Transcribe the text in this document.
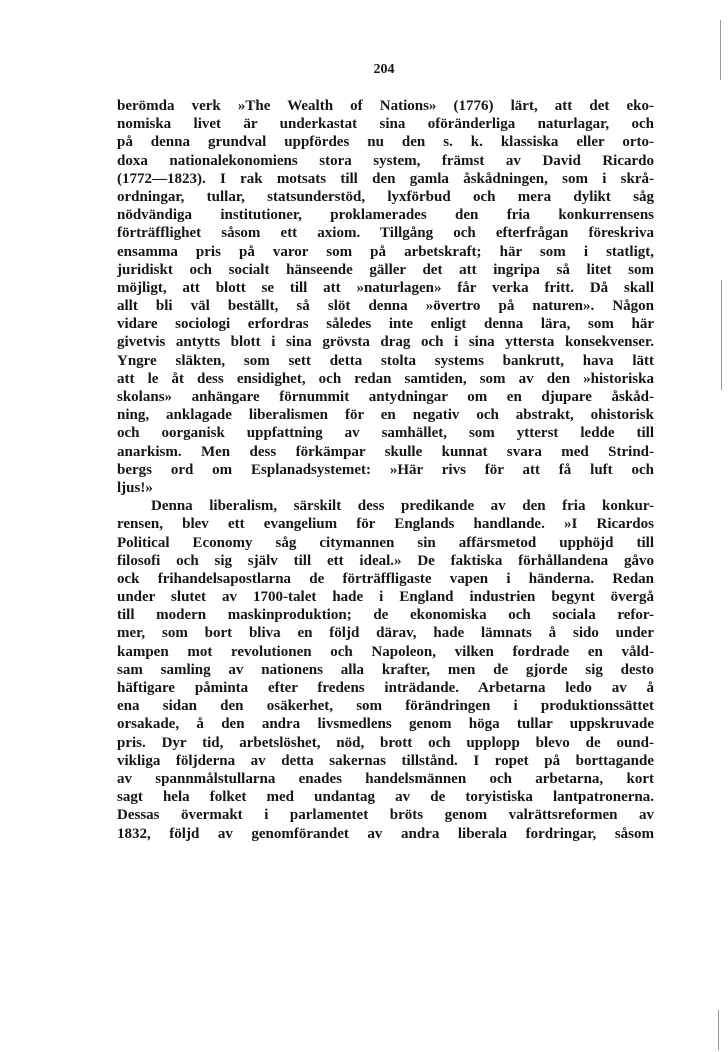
204
berömda verk »The Wealth of Nations» (1776) lärt, att det eko-
nomiska livet är underkastat sina oföränderliga naturlagar, och
på denna grundval uppfördes nu den s. k. klassiska eller orto-
doxa nationalekonomiens stora system, främst av David Ricardo
(1772—1823). I rak motsats till den gamla åskådningen, som i skrå-
ordningar, tullar, statsunderstöd, lyxförbud och mera dylikt såg
nödvändiga institutioner, proklamerades den fria konkurrensens
förträfflighet såsom ett axiom. Tillgång och efterfrågan föreskriva
ensamma pris på varor som på arbetskraft; här som i statligt,
juridiskt och socialt hänseende gäller det att ingripa så litet som
möjligt, att blott se till att »naturlagen» får verka fritt. Då skall
allt bli väl beställt, så slöt denna »övertro på naturen». Någon
vidare sociologi erfordras således inte enligt denna lära, som här
givetvis antytts blott i sina grövsta drag och i sina yttersta konsekvenser.
Yngre släkten, som sett detta stolta systems bankrutt, hava lätt
att le åt dess ensidighet, och redan samtiden, som av den »historiska
skolans» anhängare förnummit antydningar om en djupare åskåd-
ning, anklagade liberalismen för en negativ och abstrakt, ohistorisk
och oorganisk uppfattning av samhället, som ytterst ledde till
anarkism. Men dess förkämpar skulle kunnat svara med Strind-
bergs ord om Esplanadsystemet: »Här rivs för att få luft och
ljus!»
Denna liberalism, särskilt dess predikande av den fria konkur-
rensen, blev ett evangelium för Englands handlande. »I Ricardos
Political Economy såg citymannen sin affärsmetod upphöjd till
filosofi och sig själv till ett ideal.» De faktiska förhållandena gåvo
ock frihandelsapostlarna de förträffligaste vapen i händerna. Redan
under slutet av 1700-talet hade i England industrien begynt övergå
till modern maskinproduktion; de ekonomiska och sociala refor-
mer, som bort bliva en följd därav, hade lämnats å sido under
kampen mot revolutionen och Napoleon, vilken fordrade en våld-
sam samling av nationens alla krafter, men de gjorde sig desto
häftigare påminta efter fredens inträdande. Arbetarna ledo av å
ena sidan den osäkerhet, som förändringen i produktionssättet
orsakade, å den andra livsmedlens genom höga tullar uppskruvade
pris. Dyr tid, arbetslöshet, nöd, brott och upplopp blevo de ound-
vikliga följderna av detta sakernas tillstånd. I ropet på borttagande
av spannmålstullarna enades handelsmännen och arbetarna, kort
sagt hela folket med undantag av de toryistiska lantpatronerna.
Dessas övermakt i parlamentet bröts genom valrättsreformen av
1832, följd av genomförandet av andra liberala fordringar, såsom
